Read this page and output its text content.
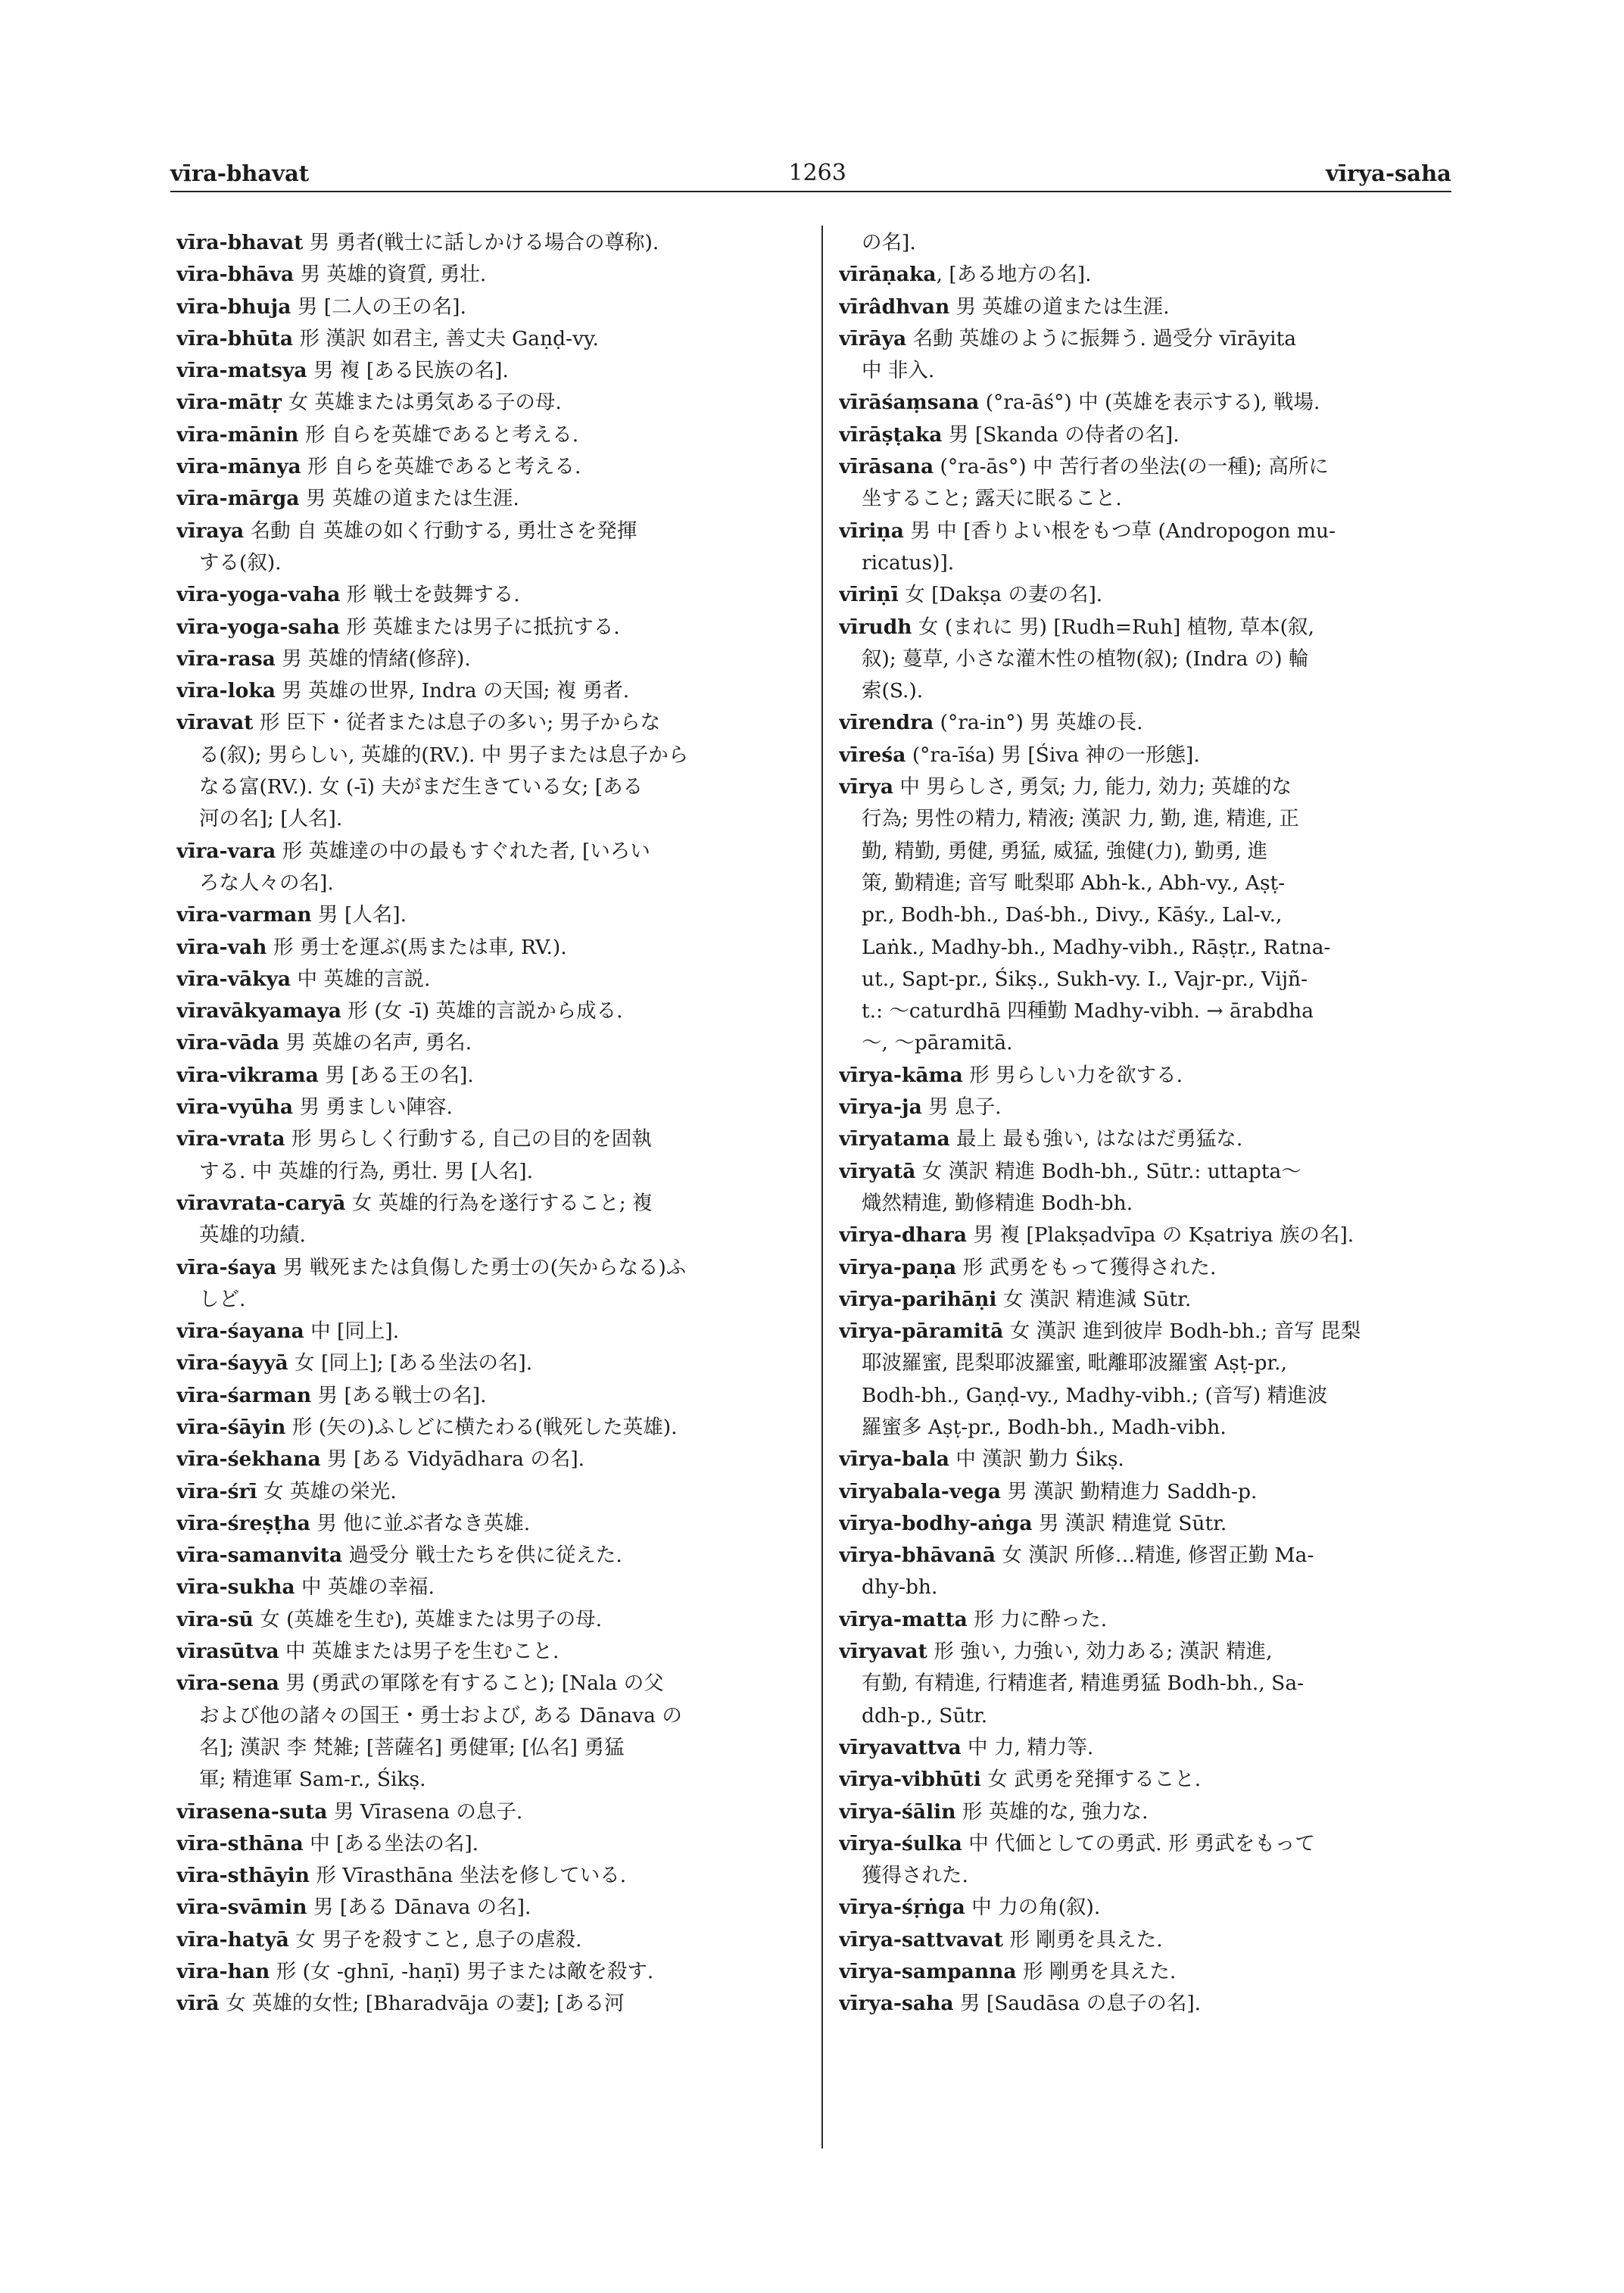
vīra-bhavat	1263	vīrya-saha
vīra-bhavat 男 勇者(戦士に話しかける場合の尊称).
vīra-bhāva 男 英雄的資質, 勇壮.
vīra-bhuja 男 [二人の王の名].
vīra-bhūta 形 漢訳 如君主, 善丈夫 Gaṇḍ-vy.
vīra-matsya 男 複 [ある民族の名].
vīra-mātṛ 女 英雄または勇気ある子の母.
vīra-mānin 形 自らを英雄であると考える.
vīra-mānya 形 自らを英雄であると考える.
vīra-mārga 男 英雄の道または生涯.
vīraya 名動 自 英雄の如く行動する, 勇壮さを発揮
する(叙).
vīra-yoga-vaha 形 戦士を鼓舞する.
vīra-yoga-saha 形 英雄または男子に抵抗する.
vīra-rasa 男 英雄的情緒(修辞).
vīra-loka 男 英雄の世界, Indra の天国; 複 勇者.
vīravat 形 臣下・従者または息子の多い; 男子からな
る(叙); 男らしい, 英雄的(RV.). 中 男子または息子から
なる富(RV.). 女 (-ī) 夫がまだ生きている女; [ある
河の名]; [人名].
vīra-vara 形 英雄達の中の最もすぐれた者, [いろい
ろな人々の名].
vīra-varman 男 [人名].
vīra-vah 形 勇士を運ぶ(馬または車, RV.).
vīra-vākya 中 英雄的言説.
vīravākyamaya 形 (女 -ī) 英雄的言説から成る.
vīra-vāda 男 英雄の名声, 勇名.
vīra-vikrama 男 [ある王の名].
vīra-vyūha 男 勇ましい陣容.
vīra-vrata 形 男らしく行動する, 自己の目的を固執
する. 中 英雄的行為, 勇壮. 男 [人名].
vīravrata-caryā 女 英雄的行為を遂行すること; 複
英雄的功績.
vīra-śaya 男 戦死または負傷した勇士の(矢からなる)ふ
しど.
vīra-śayana 中 [同上].
vīra-śayyā 女 [同上]; [ある坐法の名].
vīra-śarman 男 [ある戦士の名].
vīra-śāyin 形 (矢の)ふしどに横たわる(戦死した英雄).
vīra-śekhana 男 [ある Vidyādhara の名].
vīra-śrī 女 英雄の栄光.
vīra-śreṣṭha 男 他に並ぶ者なき英雄.
vīra-samanvita 過受分 戦士たちを供に従えた.
vīra-sukha 中 英雄の幸福.
vīra-sū 女 (英雄を生む), 英雄または男子の母.
vīrasūtva 中 英雄または男子を生むこと.
vīra-sena 男 (勇武の軍隊を有すること); [Nala の父
および他の諸々の国王・勇士および, ある Dānava の
名]; 漢訳 李 梵雑; [菩薩名] 勇健軍; [仏名] 勇猛
軍; 精進軍 Sam-r., Śikṣ.
vīrasena-suta 男 Vīrasena の息子.
vīra-sthāna 中 [ある坐法の名].
vīra-sthāyin 形 Vīrasthāna 坐法を修している.
vīra-svāmin 男 [ある Dānava の名].
vīra-hatyā 女 男子を殺すこと, 息子の虐殺.
vīra-han 形 (女 -ghnī, -haṇī) 男子または敵を殺す.
vīrā 女 英雄的女性; [Bharadvāja の妻]; [ある河
の名].
vīrāṇaka, [ある地方の名].
vīrâdhvan 男 英雄の道または生涯.
vīrāya 名動 英雄のように振舞う. 過受分 vīrāyita
中 非入.
vīrāśaṃsana (°ra-āś°) 中 (英雄を表示する), 戦場.
vīrāṣṭaka 男 [Skanda の侍者の名].
vīrāsana (°ra-ās°) 中 苦行者の坐法(の一種); 高所に
坐すること; 露天に眠ること.
vīriṇa 男 中 [香りよい根をもつ草 (Andropogon mu-
ricatus)].
vīriṇī 女 [Dakṣa の妻の名].
vīrudh 女 (まれに 男) [Rudh=Ruh] 植物, 草本(叙,
叙); 蔓草, 小さな灌木性の植物(叙); (Indra の) 輪
索(S.).
vīrendra (°ra-in°) 男 英雄の長.
vīreśa (°ra-īśa) 男 [Śiva 神の一形態].
vīrya 中 男らしさ, 勇気; 力, 能力, 効力; 英雄的な
行為; 男性の精力, 精液; 漢訳 力, 勤, 進, 精進, 正
勤, 精勤, 勇健, 勇猛, 威猛, 強健(力), 勤勇, 進
策, 勤精進; 音写 毗梨耶 Abh-k., Abh-vy., Aṣṭ-
pr., Bodh-bh., Daś-bh., Divy., Kāśy., Lal-v.,
Laṅk., Madhy-bh., Madhy-vibh., Rāṣṭr., Ratna-
ut., Sapt-pr., Śikṣ., Sukh-vy. I., Vajr-pr., Vijñ-
t.: 〜caturdhā 四種勤 Madhy-vibh. → ārabdha
〜, 〜pāramitā.
vīrya-kāma 形 男らしい力を欲する.
vīrya-ja 男 息子.
vīryatama 最上 最も強い, はなはだ勇猛な.
vīryatā 女 漢訳 精進 Bodh-bh., Sūtr.: uttapta〜
熾然精進, 勤修精進 Bodh-bh.
vīrya-dhara 男 複 [Plakṣadvīpa の Kṣatriya 族の名].
vīrya-paṇa 形 武勇をもって獲得された.
vīrya-parihāṇi 女 漢訳 精進減 Sūtr.
vīrya-pāramitā 女 漢訳 進到彼岸 Bodh-bh.; 音写 毘梨
耶波羅蜜, 毘梨耶波羅蜜, 毗離耶波羅蜜 Aṣṭ-pr.,
Bodh-bh., Gaṇḍ-vy., Madhy-vibh.; (音写) 精進波
羅蜜多 Aṣṭ-pr., Bodh-bh., Madh-vibh.
vīrya-bala 中 漢訳 勤力 Śikṣ.
vīryabala-vega 男 漢訳 勤精進力 Saddh-p.
vīrya-bodhy-aṅga 男 漢訳 精進覚 Sūtr.
vīrya-bhāvanā 女 漢訳 所修…精進, 修習正勤 Ma-
dhy-bh.
vīrya-matta 形 力に酔った.
vīryavat 形 強い, 力強い, 効力ある; 漢訳 精進,
有勤, 有精進, 行精進者, 精進勇猛 Bodh-bh., Sa-
ddh-p., Sūtr.
vīryavattva 中 力, 精力等.
vīrya-vibhūti 女 武勇を発揮すること.
vīrya-śālin 形 英雄的な, 強力な.
vīrya-śulka 中 代価としての勇武. 形 勇武をもって
獲得された.
vīrya-śṛṅga 中 力の角(叙).
vīrya-sattvavat 形 剛勇を具えた.
vīrya-sampanna 形 剛勇を具えた.
vīrya-saha 男 [Saudāsa の息子の名].
